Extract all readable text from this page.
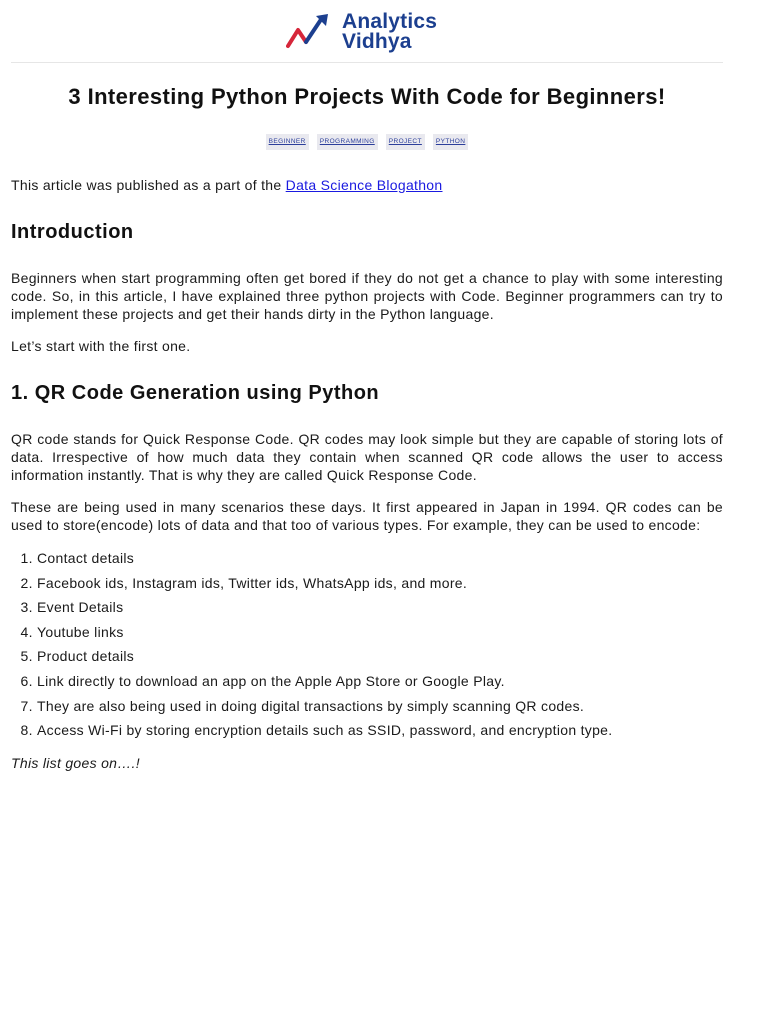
Analytics
Vidhya
3 Interesting Python Projects With Code for Beginners!
BEGINNER	PROGRAMMING	PROJECT	PYTHON

This article was published as a part of the Data Science Blogathon

Introduction

Beginners when start programming often get bored if they do not get a chance to play with some interesting code. So, in this article, I have explained three python projects with Code. Beginner programmers can try to implement these projects and get their hands dirty in the Python language.

Let’s start with the first one.

1. QR Code Generation using Python

QR code stands for Quick Response Code. QR codes may look simple but they are capable of storing lots of data. Irrespective of how much data they contain when scanned QR code allows the user to access information instantly. That is why they are called Quick Response Code.

These are being used in many scenarios these days. It first appeared in Japan in 1994. QR codes can be used to store(encode) lots of data and that too of various types. For example, they can be used to encode:

1. Contact details
2. Facebook ids, Instagram ids, Twitter ids, WhatsApp ids, and more.
3. Event Details
4. Youtube links
5. Product details
6. Link directly to download an app on the Apple App Store or Google Play.
7. They are also being used in doing digital transactions by simply scanning QR codes.
8. Access Wi-Fi by storing encryption details such as SSID, password, and encryption type.

This list goes on….!
